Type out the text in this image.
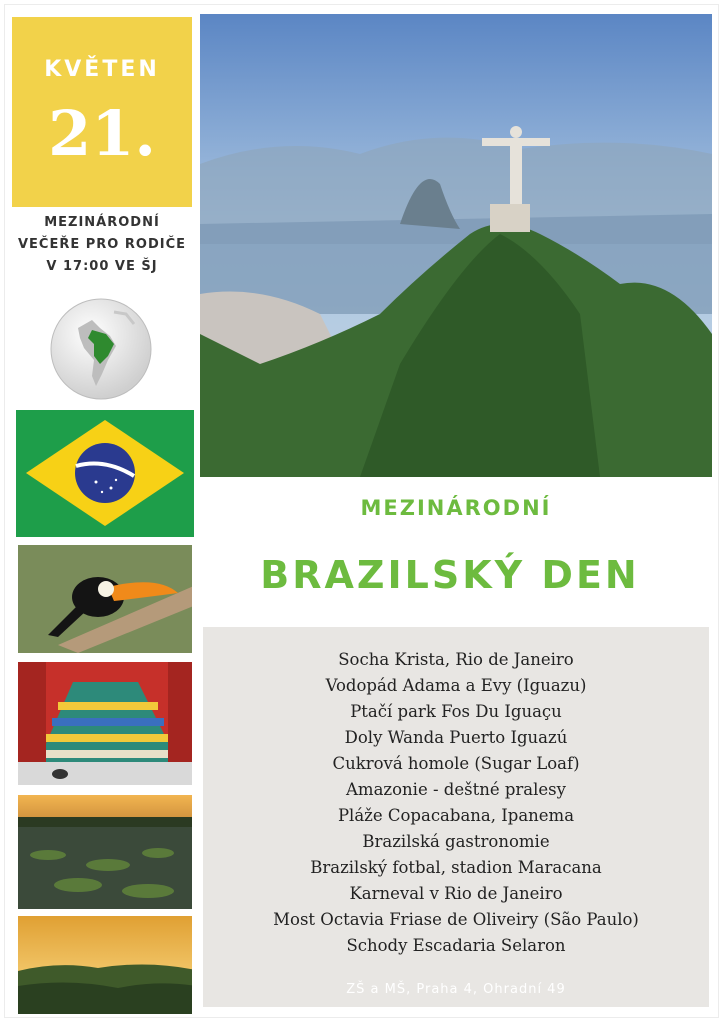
KVĚTEN
21.
MEZINÁRODNÍ
VEČEŘE PRO RODIČE
V 17:00 VE ŠJ
MEZINÁRODNÍ
BRAZILSKÝ DEN
Socha Krista, Rio de Janeiro
Vodopád Adama a Evy (Iguazu)
Ptačí park Fos Du Iguaçu
Doly Wanda Puerto Iguazú
Cukrová homole (Sugar Loaf)
Amazonie - deštné pralesy
Pláže Copacabana, Ipanema
Brazilská gastronomie
Brazilský fotbal, stadion Maracana
Karneval v Rio de Janeiro
Most Octavia Friase de Oliveiry (São Paulo)
Schody Escadaria Selaron
ZŠ a MŠ, Praha 4, Ohradní 49
